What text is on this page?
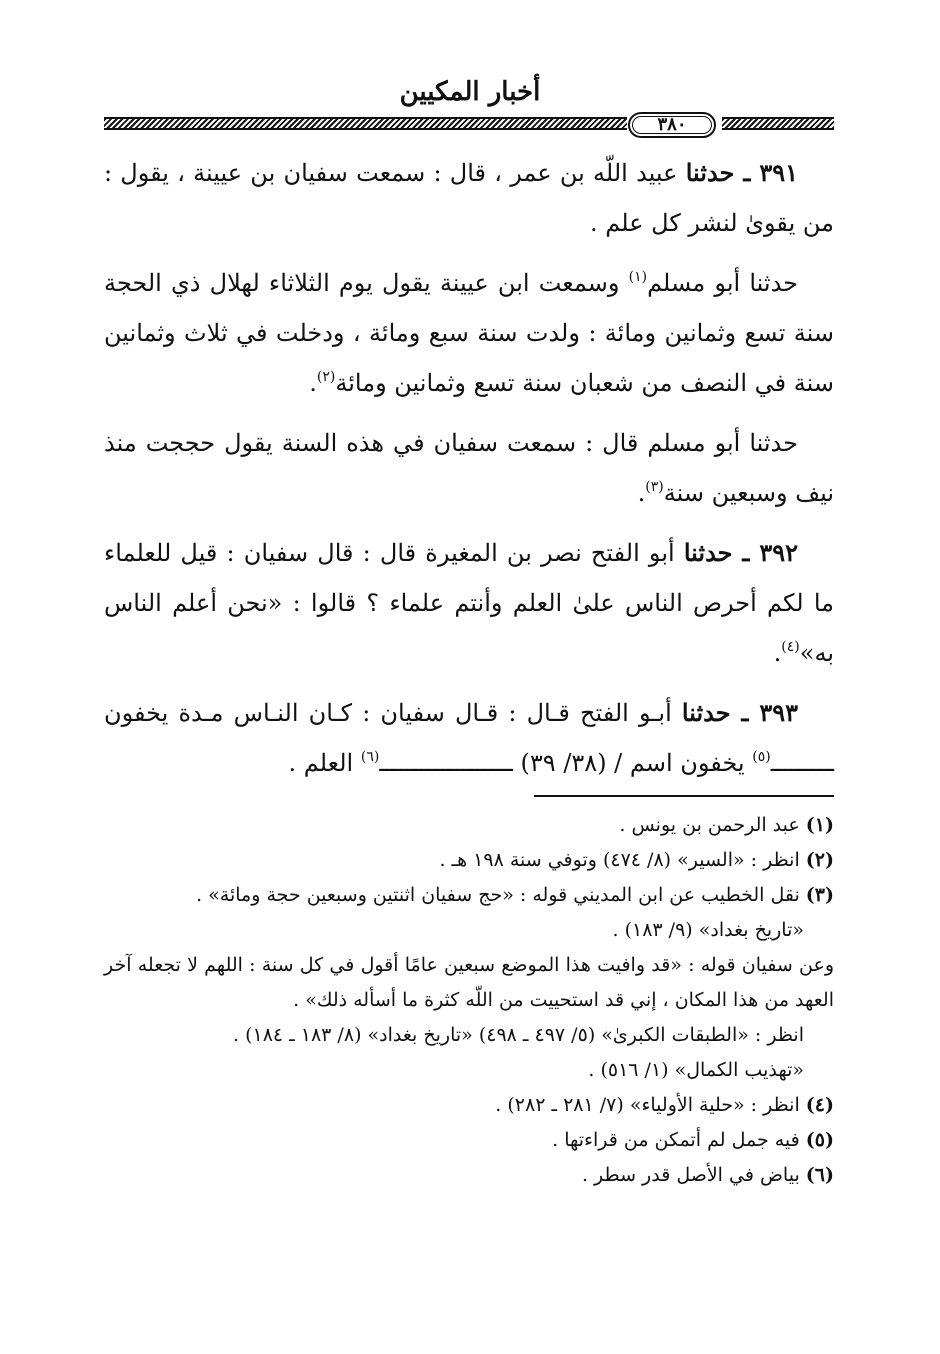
أخبار المكيين
٣٨٠

٣٩١ ـ حدثنا عبيد اللّه بن عمر ، قال : سمعت سفيان بن عيينة ، يقول : من يقوىٰ لنشر كل علم .

حدثنا أبو مسلم$^{(١)}$ وسمعت ابن عيينة يقول يوم الثلاثاء لهلال ذي الحجة سنة تسع وثمانين ومائة : ولدت سنة سبع ومائة ، ودخلت في ثلاث وثمانين سنة في النصف من شعبان سنة تسع وثمانين ومائة$^{(٢)}$.

حدثنا أبو مسلم قال : سمعت سفيان في هذه السنة يقول حججت منذ نيف وسبعين سنة$^{(٣)}$.

٣٩٢ ـ حدثنا أبو الفتح نصر بن المغيرة قال : قال سفيان : قيل للعلماء ما لكم أحرص الناس علىٰ العلم وأنتم علماء ؟ قالوا : «نحن أعلم الناس به»$^{(٤)}$.

٣٩٣ ـ حدثنا أبـو الفتح قـال : قـال سفيان : كـان النـاس مـدة يخفون ـــــــــ$^{(٥)}$ يخفون اسم / (٣٨/ ٣٩) ـــــــــــــــــــ$^{(٦)}$ العلم .

(١) عبد الرحمن بن يونس .

(٢) انظر : «السير» (٨/ ٤٧٤) وتوفي سنة ١٩٨ هـ .

(٣) نقل الخطيب عن ابن المديني قوله : «حج سفيان اثنتين وسبعين حجة ومائة» .

«تاريخ بغداد» (٩/ ١٨٣) .

وعن سفيان قوله : «قد وافيت هذا الموضع سبعين عامًا أقول في كل سنة : اللهم لا تجعله آخر العهد من هذا المكان ، إني قد استحييت من اللّه كثرة ما أسأله ذلك» .

انظر : «الطبقات الكبرىٰ» (٥/ ٤٩٧ ـ ٤٩٨) «تاريخ بغداد» (٨/ ١٨٣ ـ ١٨٤) .

«تهذيب الكمال» (١/ ٥١٦) .

(٤) انظر : «حلية الأولياء» (٧/ ٢٨١ ـ ٢٨٢) .

(٥) فيه جمل لم أتمكن من قراءتها .

(٦) بياض في الأصل قدر سطر .
